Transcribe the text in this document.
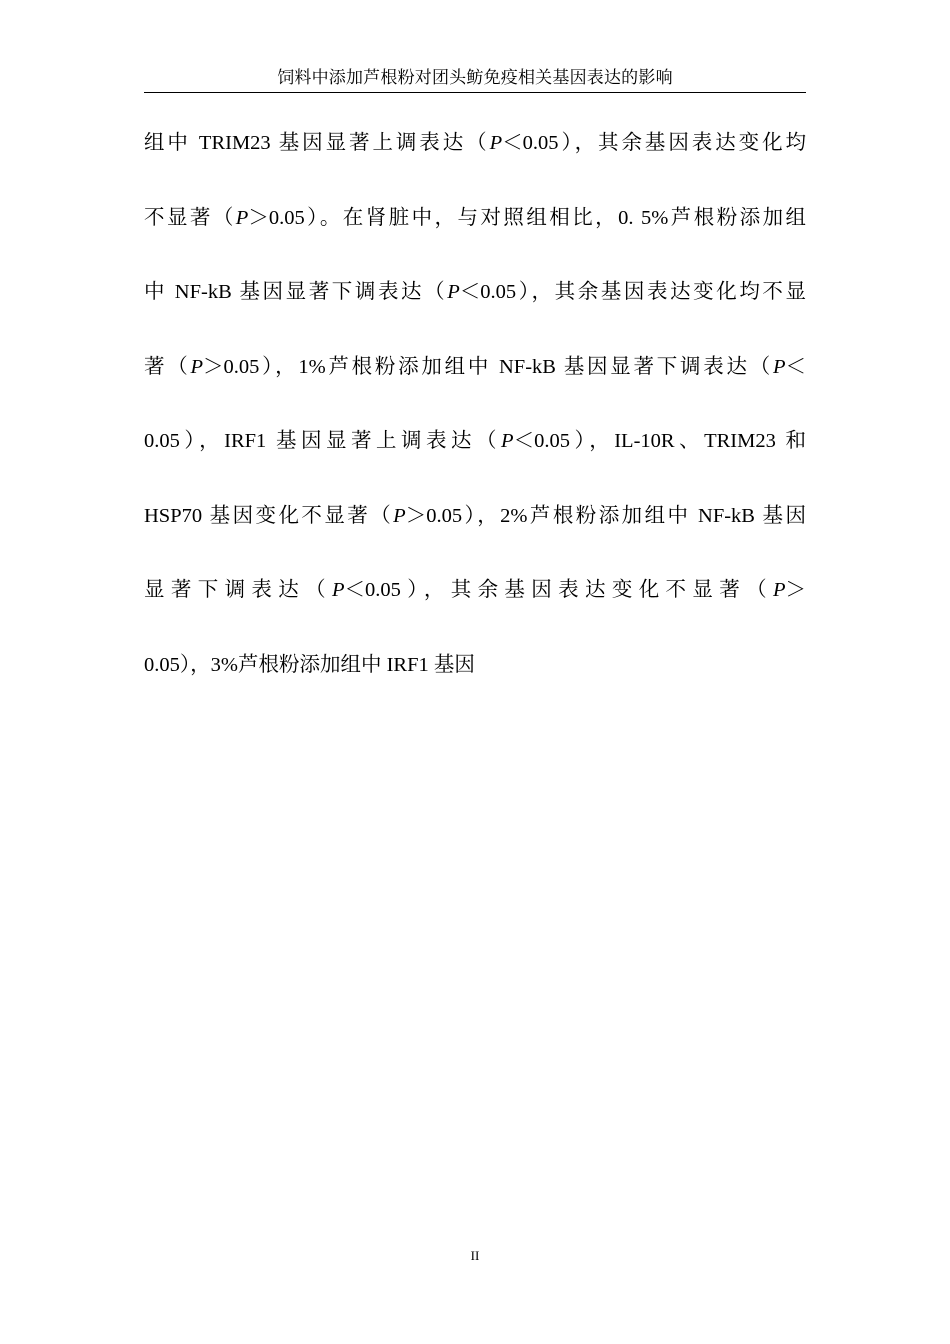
饲料中添加芦根粉对团头鲂免疫相关基因表达的影响
组中 TRIM23 基因显著上调表达（P＜0.05），其余基因表达变化均
不显著（P＞0.05）。在肾脏中，与对照组相比，0. 5%芦根粉添加组
中 NF-kB 基因显著下调表达（P＜0.05），其余基因表达变化均不显
著（P＞0.05），1%芦根粉添加组中 NF-kB 基因显著下调表达（P＜
0.05），IRF1 基因显著上调表达（P＜0.05），IL-10R、TRIM23 和
HSP70 基因变化不显著（P＞0.05），2%芦根粉添加组中 NF-kB 基因
显著下调表达（P＜0.05），其余基因表达变化不显著（P＞
0.05），3%芦根粉添加组中 IRF1 基因
II
